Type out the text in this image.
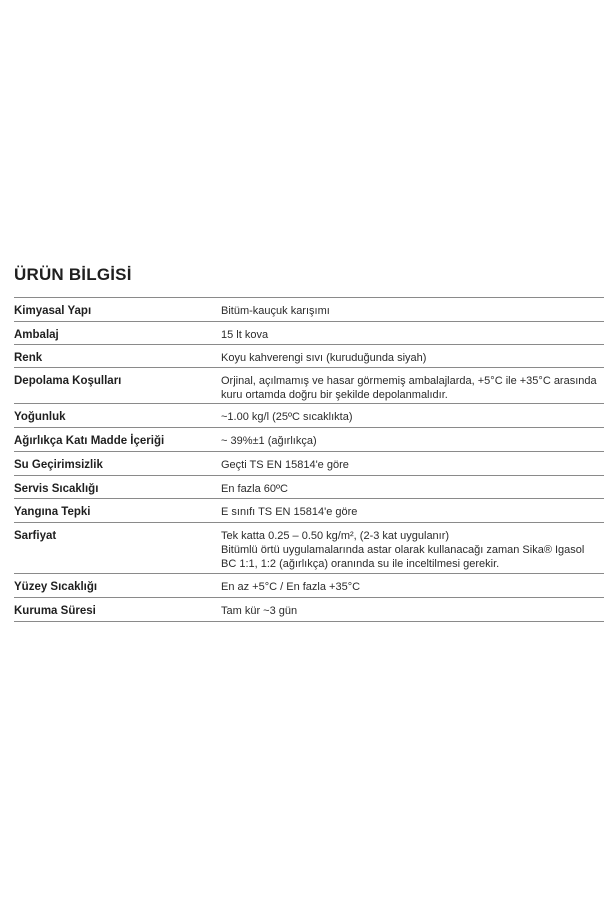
ÜRÜN BİLGİSİ
Kimyasal Yapı	Bitüm-kauçuk karışımı
Ambalaj	15 lt kova
Renk	Koyu kahverengi sıvı (kuruduğunda siyah)
Depolama Koşulları	Orjinal, açılmamış ve hasar görmemiş ambalajlarda, +5°C ile +35°C arasında
kuru ortamda doğru bir şekilde depolanmalıdır.
Yoğunluk	~1.00 kg/l (25ºC sıcaklıkta)
Ağırlıkça Katı Madde İçeriği	~ 39%±1 (ağırlıkça)
Su Geçirimsizlik	Geçti TS EN 15814'e göre
Servis Sıcaklığı	En fazla 60ºC
Yangına Tepki	E sınıfı TS EN 15814'e göre
Sarfiyat	Tek katta 0.25 – 0.50 kg/m², (2-3 kat uygulanır)
Bitümlü örtü uygulamalarında astar olarak kullanacağı zaman Sika® Igasol
BC 1:1, 1:2 (ağırlıkça) oranında su ile inceltilmesi gerekir.
Yüzey Sıcaklığı	En az +5°C / En fazla +35°C
Kuruma Süresi	Tam kür ~3 gün
